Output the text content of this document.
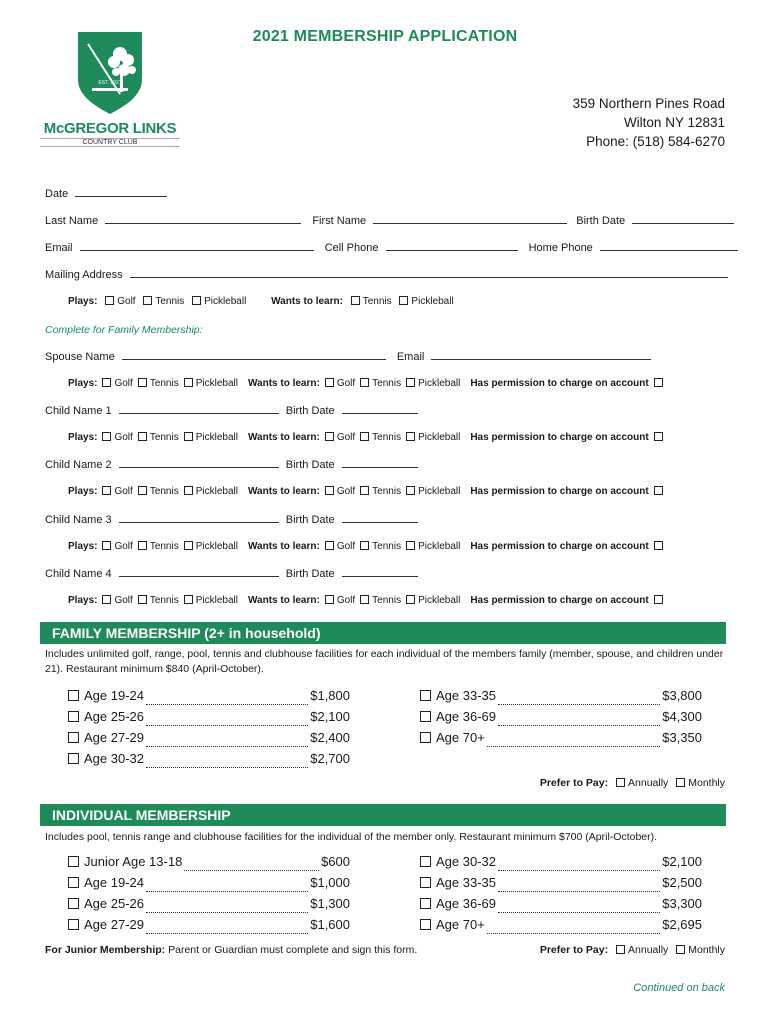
2021 MEMBERSHIP APPLICATION
EST. 1921
McGREGOR LINKS
COUNTRY CLUB
359 Northern Pines Road
Wilton NY 12831
Phone: (518) 584-6270
Date
Last Name	First Name	Birth Date
Email	Cell Phone	Home Phone
Mailing Address
Plays: Golf Tennis Pickleball Wants to learn: Tennis Pickleball
Complete for Family Membership:
Spouse Name	Email
Plays: Golf Tennis Pickleball Wants to learn: Golf Tennis Pickleball Has permission to charge on account
Child Name 1	Birth Date
Plays: Golf Tennis Pickleball Wants to learn: Golf Tennis Pickleball Has permission to charge on account
Child Name 2	Birth Date
Plays: Golf Tennis Pickleball Wants to learn: Golf Tennis Pickleball Has permission to charge on account
Child Name 3	Birth Date
Plays: Golf Tennis Pickleball Wants to learn: Golf Tennis Pickleball Has permission to charge on account
Child Name 4	Birth Date
Plays: Golf Tennis Pickleball Wants to learn: Golf Tennis Pickleball Has permission to charge on account
FAMILY MEMBERSHIP (2+ in household)
Includes unlimited golf, range, pool, tennis and clubhouse facilities for each individual of the members family (member, spouse, and children under 21). Restaurant minimum $840 (April-October).
Age 19-24	$1,800
Age 25-26	$2,100
Age 27-29	$2,400
Age 30-32	$2,700
Age 33-35	$3,800
Age 36-69	$4,300
Age 70+	$3,350
Prefer to Pay: Annually Monthly
INDIVIDUAL MEMBERSHIP
Includes pool, tennis range and clubhouse facilities for the individual of the member only. Restaurant minimum $700 (April-October).
Junior Age 13-18	$600
Age 19-24	$1,000
Age 25-26	$1,300
Age 27-29	$1,600
Age 30-32	$2,100
Age 33-35	$2,500
Age 36-69	$3,300
Age 70+	$2,695
For Junior Membership: Parent or Guardian must complete and sign this form.	Prefer to Pay: Annually Monthly
Continued on back
